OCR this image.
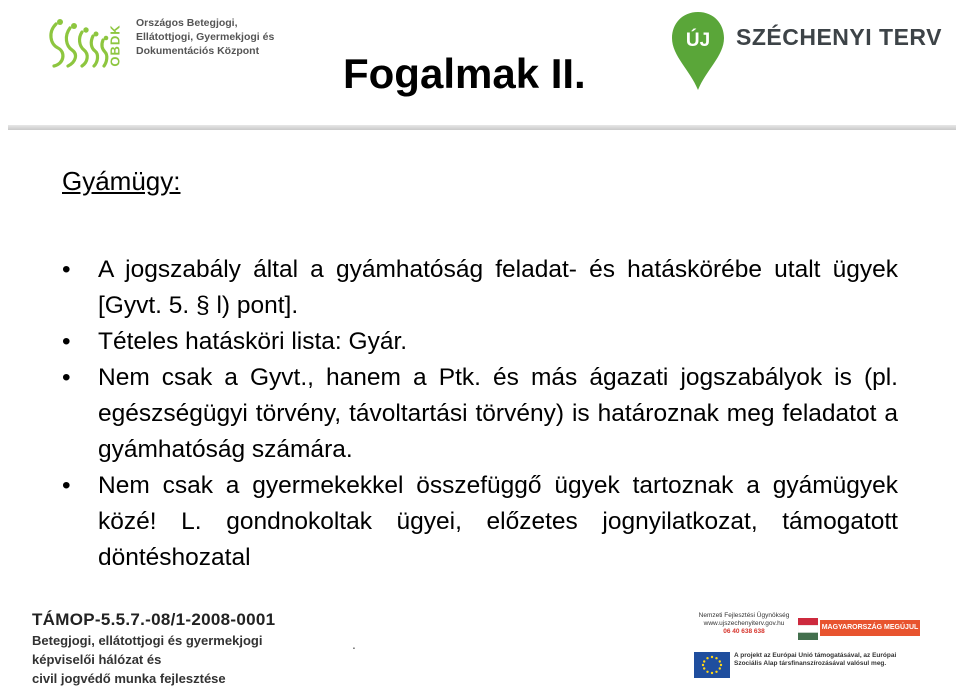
OBDK
Országos Betegjogi,
Ellátottjogi, Gyermekjogi és
Dokumentációs Központ	ÚJ SZÉCHENYI TERV
Fogalmak II.
Gyámügy:
• A jogszabály által a gyámhatóság feladat- és hatáskörébe utalt ügyek [Gyvt. 5. § l) pont].
• Tételes hatásköri lista: Gyár.
• Nem csak a Gyvt., hanem a Ptk. és más ágazati jogszabályok is (pl. egészségügyi törvény, távoltartási törvény) is határoznak meg feladatot a gyámhatóság számára.
• Nem csak a gyermekekkel összefüggő ügyek tartoznak a gyámügyek közé! L. gondnokoltak ügyei, előzetes jognyilatkozat, támogatott döntéshozatal
TÁMOP-5.5.7.-08/1-2008-0001
Betegjogi, ellátottjogi és gyermekjogi
képviselői hálózat és
civil jogvédő munka fejlesztése
.
Nemzeti Fejlesztési Ügynökség
www.ujszechenyiterv.gov.hu
06 40 638 638
MAGYARORSZÁG MEGÚJUL
A projekt az Európai Unió támogatásával, az Európai
Szociális Alap társfinanszírozásával valósul meg.
